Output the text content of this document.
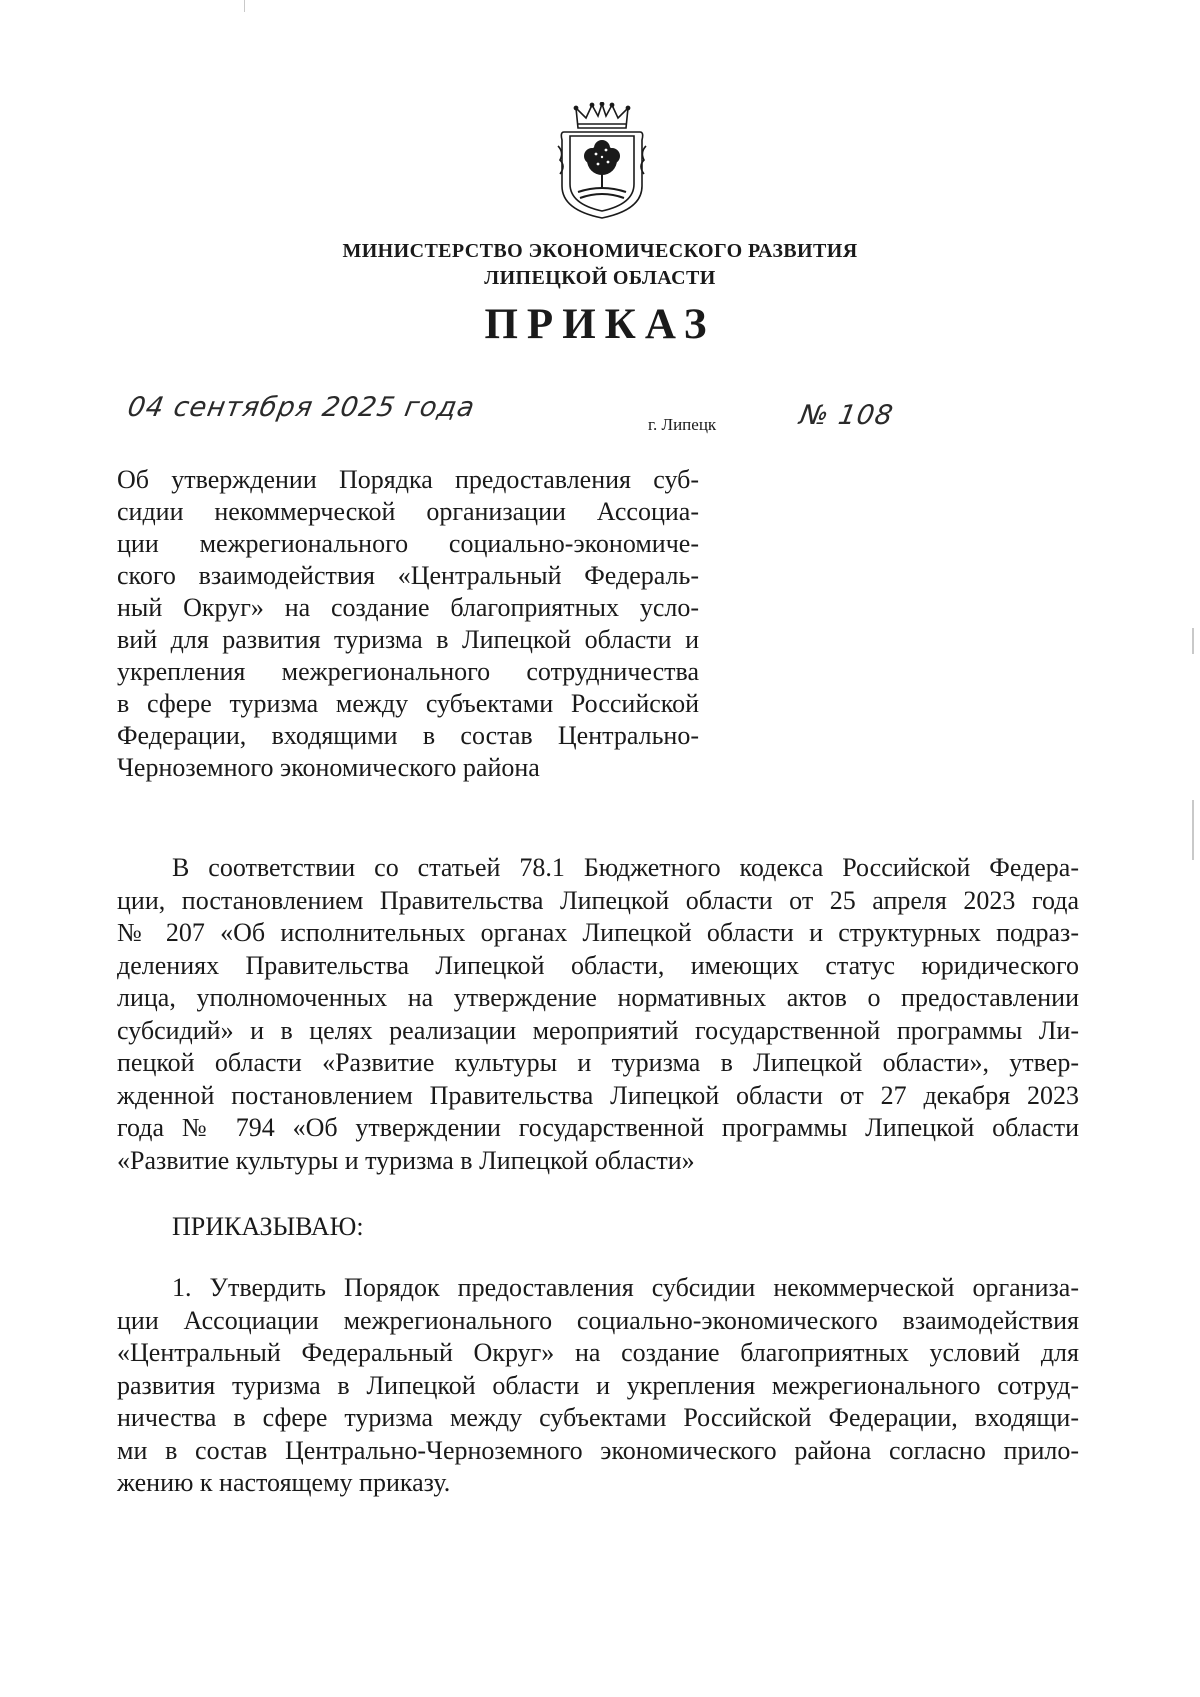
МИНИСТЕРСТВО ЭКОНОМИЧЕСКОГО РАЗВИТИЯ
ЛИПЕЦКОЙ ОБЛАСТИ
ПРИКАЗ
04 сентября 2025 года
г. Липецк	№ 108
Об утверждении Порядка предоставления суб-
сидии некоммерческой организации Ассоциа-
ции межрегионального социально-экономиче-
ского взаимодействия «Центральный Федераль-
ный Округ» на создание благоприятных усло-
вий для развития туризма в Липецкой области и
укрепления межрегионального сотрудничества
в сфере туризма между субъектами Российской
Федерации, входящими в состав Центрально-
Черноземного экономического района
В соответствии со статьей 78.1 Бюджетного кодекса Российской Федера-
ции, постановлением Правительства Липецкой области от 25 апреля 2023 года
№ 207 «Об исполнительных органах Липецкой области и структурных подраз-
делениях Правительства Липецкой области, имеющих статус юридического
лица, уполномоченных на утверждение нормативных актов о предоставлении
субсидий» и в целях реализации мероприятий государственной программы Ли-
пецкой области «Развитие культуры и туризма в Липецкой области», утвер-
жденной постановлением Правительства Липецкой области от 27 декабря 2023
года № 794 «Об утверждении государственной программы Липецкой области
«Развитие культуры и туризма в Липецкой области»
ПРИКАЗЫВАЮ:
1. Утвердить Порядок предоставления субсидии некоммерческой организа-
ции Ассоциации межрегионального социально-экономического взаимодействия
«Центральный Федеральный Округ» на создание благоприятных условий для
развития туризма в Липецкой области и укрепления межрегионального сотруд-
ничества в сфере туризма между субъектами Российской Федерации, входящи-
ми в состав Центрально-Черноземного экономического района согласно прило-
жению к настоящему приказу.
